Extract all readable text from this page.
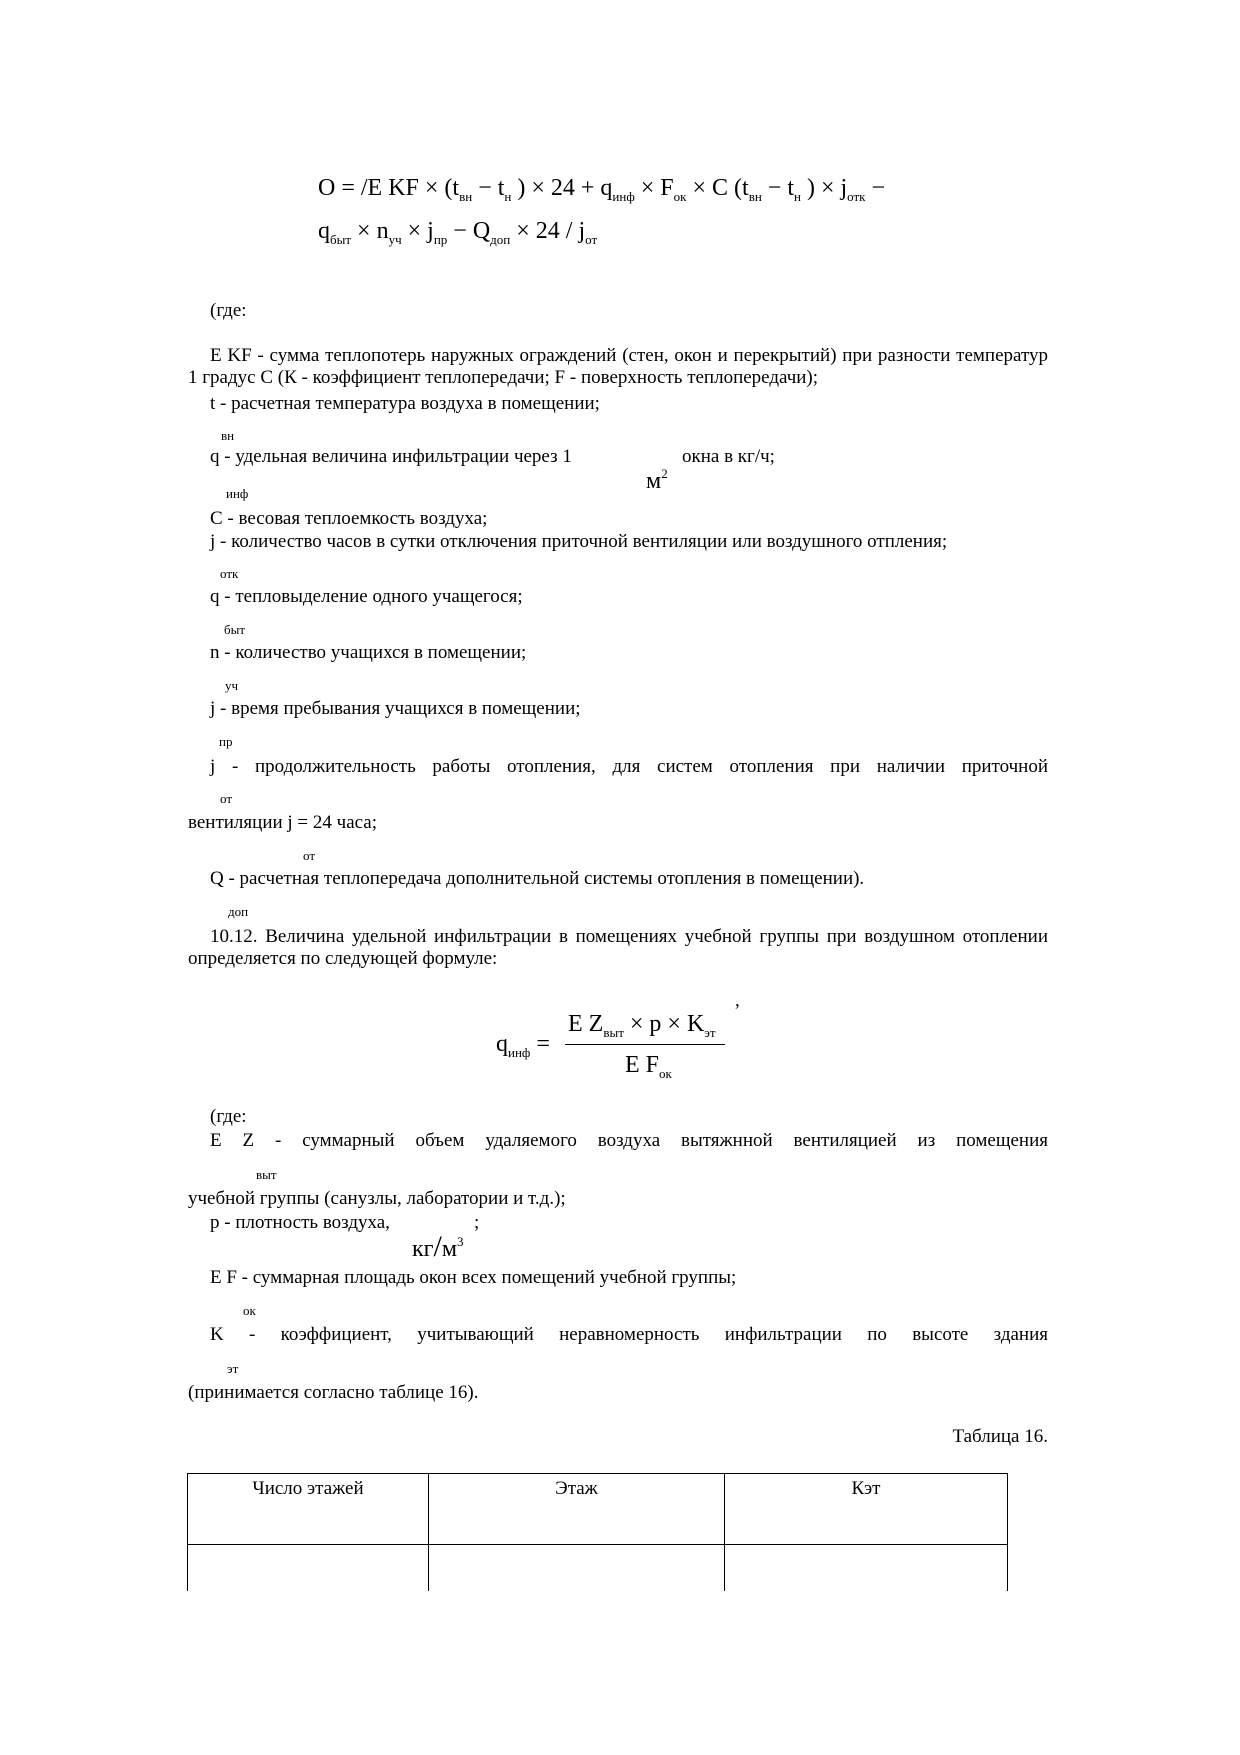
O = /E KF × ($t_{вн} - t_н$ ) × $24 + q_{инф} \times F_{ок} \times C$ ($t_{вн} - t_н$ ) × $j_{отк}$ −
$q_{быт} \times n_{уч} \times j_{пр} - Q_{доп} \times 24 / j_{от}$
(где:
E KF - сумма теплопотерь наружных ограждений (стен, окон и перекрытий) при разности температур 1 градус С (К - коэффициент теплопередачи; F - поверхность теплопередачи);
t - расчетная температура воздуха в помещении;
вн
q - удельная величина инфильтрации через 1
$м^2$
окна в кг/ч;
инф
С - весовая теплоемкость воздуха;
j - количество часов в сутки отключения приточной вентиляции или воздушного отпления;
отк
q - тепловыделение одного учащегося;
быт
n - количество учащихся в помещении;
уч
j - время пребывания учащихся в помещении;
пр
j - продолжительность работы отопления, для систем отопления при наличии приточной
от
вентиляции j = 24 часа;
от
Q - расчетная теплопередача дополнительной системы отопления в помещении).
доп
10.12. Величина удельной инфильтрации в помещениях учебной группы при воздушном отоплении определяется по следующей формуле:
$q_{инф}$ =
E $Z_{выт} \times p \times K_{эт}$
E $F_{ок}$
,
(где:
E Z - суммарный объем удаляемого воздуха вытяжнной вентиляцией из помещения
выт
учебной группы (санузлы, лаборатории и т.д.);
p - плотность воздуха,	;
$кг/м^3$
E F - суммарная площадь окон всех помещений учебной группы;
ок
K - коэффициент, учитывающий неравномерность инфильтрации по высоте здания
эт
(принимается согласно таблице 16).
Таблица 16.
Число этажей	Этаж	Кэт
